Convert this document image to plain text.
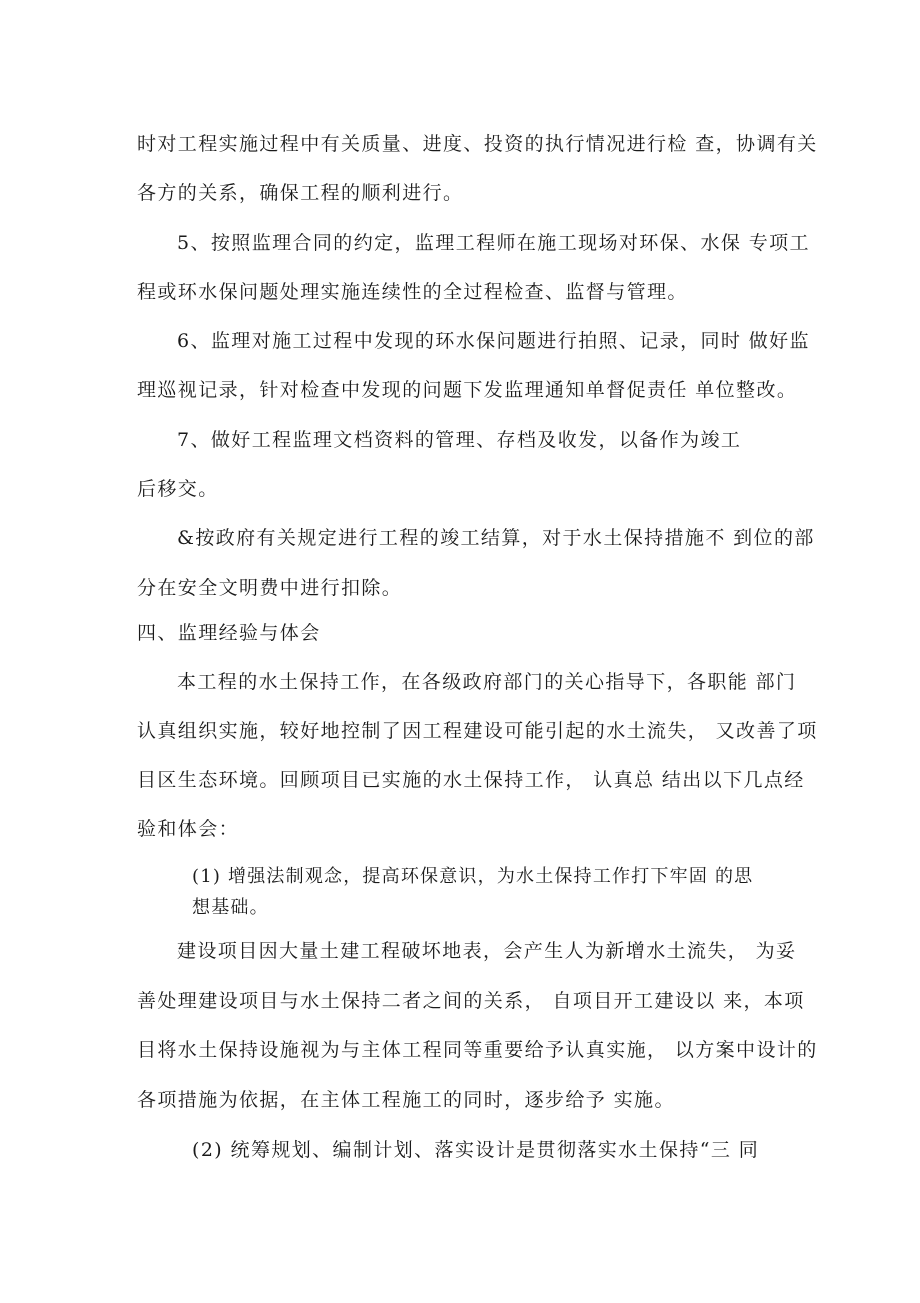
时对工程实施过程中有关质量、进度、投资的执行情况进行检 查，协调有关
各方的关系，确保工程的顺利进行。
5、按照监理合同的约定，监理工程师在施工现场对环保、水保 专项工
程或环水保问题处理实施连续性的全过程检查、监督与管理。
6、监理对施工过程中发现的环水保问题进行拍照、记录，同时 做好监
理巡视记录，针对检查中发现的问题下发监理通知单督促责任 单位整改。
7、做好工程监理文档资料的管理、存档及收发，以备作为竣工
后移交。
&按政府有关规定进行工程的竣工结算，对于水土保持措施不 到位的部
分在安全文明费中进行扣除。
四、监理经验与体会
本工程的水土保持工作，在各级政府部门的关心指导下，各职能 部门
认真组织实施，较好地控制了因工程建设可能引起的水土流失， 又改善了项
目区生态环境。回顾项目已实施的水土保持工作， 认真总 结出以下几点经
验和体会：
(1) 增强法制观念，提高环保意识，为水土保持工作打下牢固 的思
想基础。
建设项目因大量土建工程破坏地表，会产生人为新增水土流失， 为妥
善处理建设项目与水土保持二者之间的关系， 自项目开工建设以 来，本项
目将水土保持设施视为与主体工程同等重要给予认真实施， 以方案中设计的
各项措施为依据，在主体工程施工的同时，逐步给予 实施。
(2) 统筹规划、编制计划、落实设计是贯彻落实水土保持“三 同
